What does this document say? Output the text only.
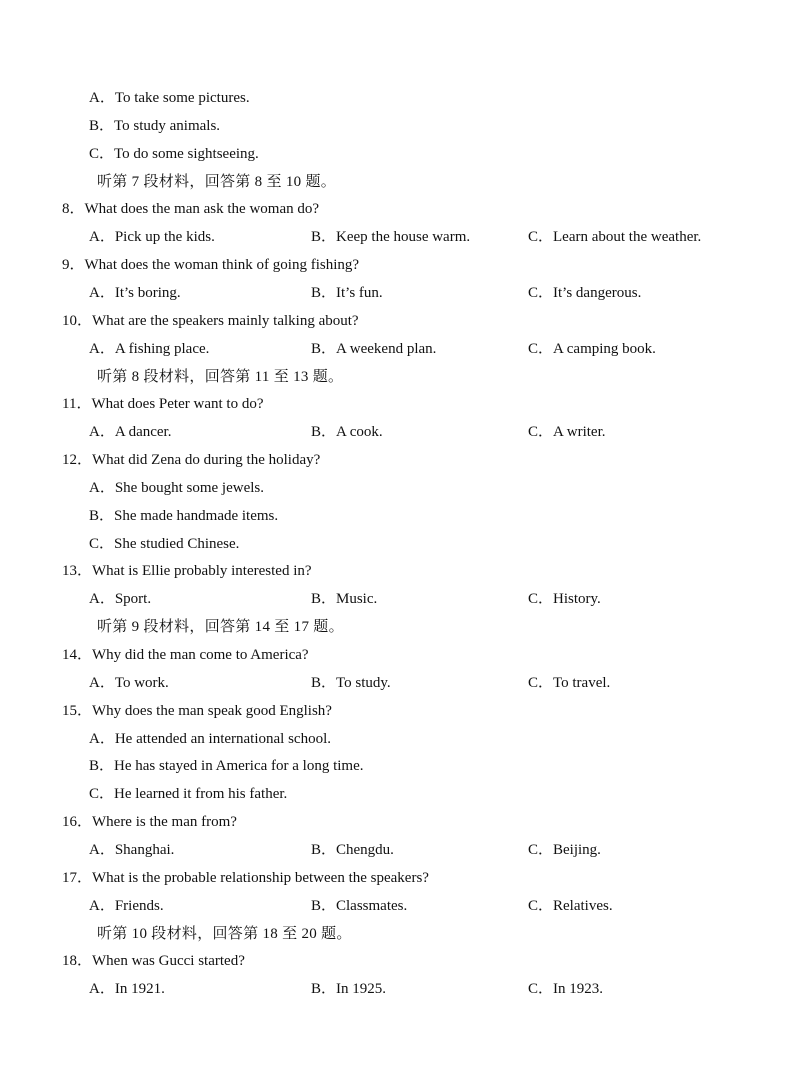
A．To take some pictures.
B．To study animals.
C．To do some sightseeing.
听第 7 段材料，回答第 8 至 10 题。
8．What does the man ask the woman do?
A．Pick up the kids.	B．Keep the house warm.	C．Learn about the weather.
9．What does the woman think of going fishing?
A．It’s boring.	B．It’s fun.	C．It’s dangerous.
10．What are the speakers mainly talking about?
A．A fishing place.	B．A weekend plan.	C．A camping book.
听第 8 段材料，回答第 11 至 13 题。
11．What does Peter want to do?
A．A dancer.	B．A cook.	C．A writer.
12．What did Zena do during the holiday?
A．She bought some jewels.
B．She made handmade items.
C．She studied Chinese.
13．What is Ellie probably interested in?
A．Sport.	B．Music.	C．History.
听第 9 段材料，回答第 14 至 17 题。
14．Why did the man come to America?
A．To work.	B．To study.	C．To travel.
15．Why does the man speak good English?
A．He attended an international school.
B．He has stayed in America for a long time.
C．He learned it from his father.
16．Where is the man from?
A．Shanghai.	B．Chengdu.	C．Beijing.
17．What is the probable relationship between the speakers?
A．Friends.	B．Classmates.	C．Relatives.
听第 10 段材料，回答第 18 至 20 题。
18．When was Gucci started?
A．In 1921.	B．In 1925.	C．In 1923.
